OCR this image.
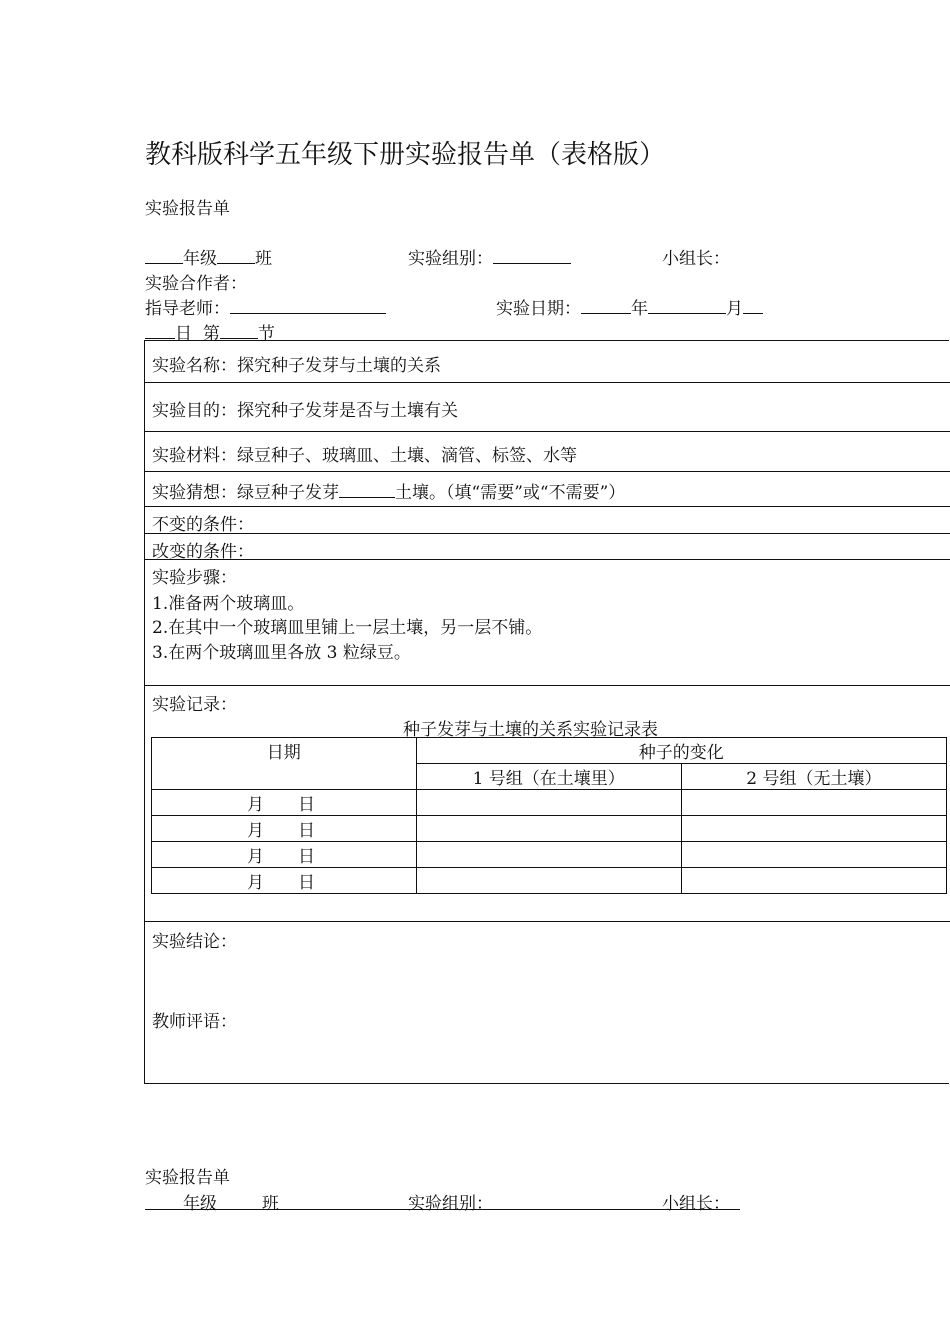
教科版科学五年级下册实验报告单（表格版）
实验报告单
年级 班	实验组别：	小组长：
实验合作者：
指导老师：	实验日期：	年	月
日 第 节
实验名称：探究种子发芽与土壤的关系
实验目的：探究种子发芽是否与土壤有关
实验材料：绿豆种子、玻璃皿、土壤、滴管、标签、水等
实验猜想：绿豆种子发芽	土壤。（填“需要”或“不需要”）
不变的条件：
改变的条件：
实验步骤：
1.准备两个玻璃皿。
2.在其中一个玻璃皿里铺上一层土壤，另一层不铺。
3.在两个玻璃皿里各放 3 粒绿豆。
实验记录：
种子发芽与土壤的关系实验记录表
日期	种子的变化	
	1 号组（在土壤里）	2 号组（无土壤）
月　　日		
月　　日		
月　　日		
月　　日		
实验结论：
教师评语：
实验报告单
年级	班	实验组别：	小组长：
